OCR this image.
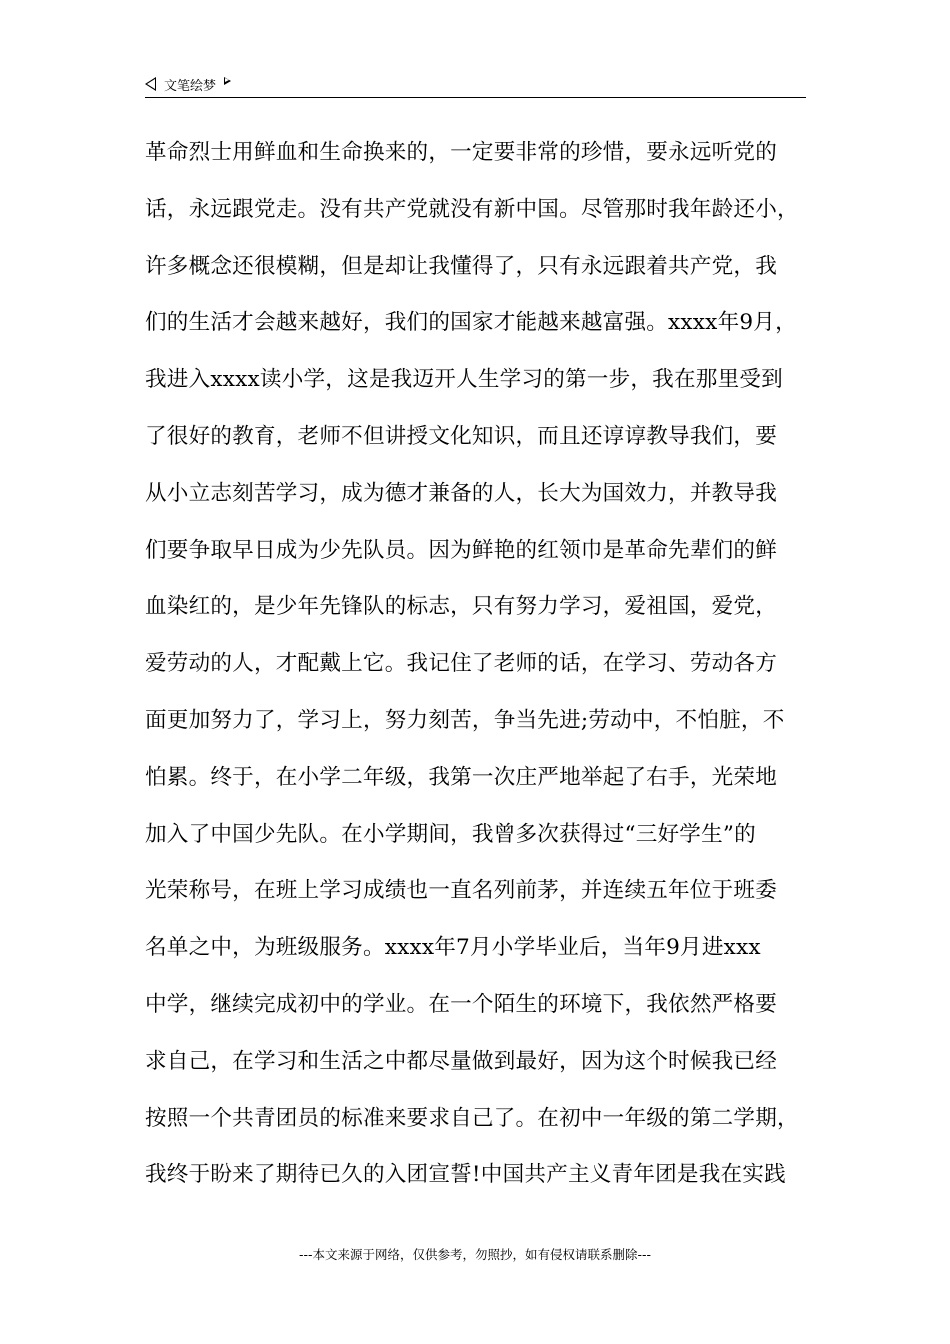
文笔绘梦
革命烈士用鲜血和生命换来的，一定要非常的珍惜，要永远听党的
话，永远跟党走。没有共产党就没有新中国。尽管那时我年龄还小，
许多概念还很模糊，但是却让我懂得了，只有永远跟着共产党，我
们的生活才会越来越好，我们的国家才能越来越富强。xxxx年9月，
我进入xxxx读小学，这是我迈开人生学习的第一步，我在那里受到
了很好的教育，老师不但讲授文化知识，而且还谆谆教导我们，要
从小立志刻苦学习，成为德才兼备的人，长大为国效力，并教导我
们要争取早日成为少先队员。因为鲜艳的红领巾是革命先辈们的鲜
血染红的，是少年先锋队的标志，只有努力学习，爱祖国，爱党，
爱劳动的人，才配戴上它。我记住了老师的话，在学习、劳动各方
面更加努力了，学习上，努力刻苦，争当先进;劳动中，不怕脏，不
怕累。终于，在小学二年级，我第一次庄严地举起了右手，光荣地
加入了中国少先队。在小学期间，我曾多次获得过“三好学生”的
光荣称号，在班上学习成绩也一直名列前茅，并连续五年位于班委
名单之中，为班级服务。xxxx年7月小学毕业后，当年9月进xxx
中学，继续完成初中的学业。在一个陌生的环境下，我依然严格要
求自己，在学习和生活之中都尽量做到最好，因为这个时候我已经
按照一个共青团员的标准来要求自己了。在初中一年级的第二学期，
我终于盼来了期待已久的入团宣誓!中国共产主义青年团是我在实践
---本文来源于网络，仅供参考，勿照抄，如有侵权请联系删除---
